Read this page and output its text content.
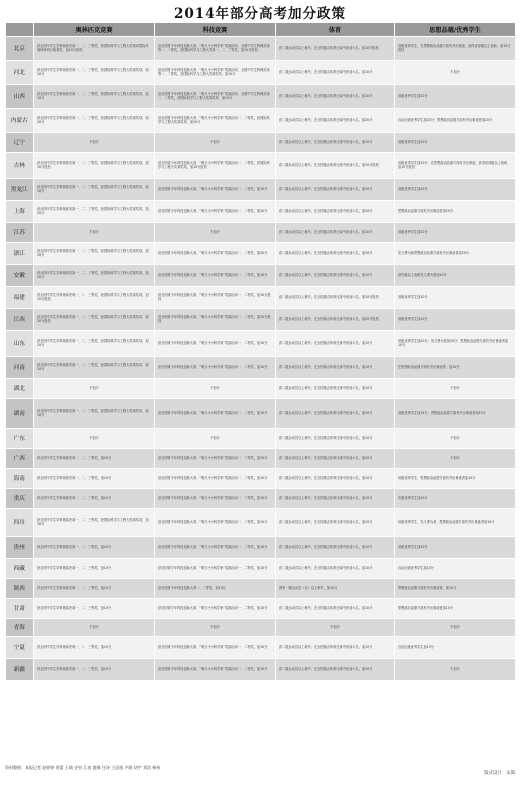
2014年部分高考加分政策
	奥林匹克竞赛	科技竞赛	体育	思想品德/优秀学生
北京	获全国中学生学科奥赛决赛一、二、三等奖，获国际科学与工程大奖赛或国际环境科研项目奥赛奖，加10分投档	获全国青少年科技创新大赛、“明天小小科学家”奖励活动、全国中学生物理竞赛等一、二等奖，获国际科学与工程大奖赛一、二、三等奖，加10分投档	获二级运动员以上称号，在全国重点体育比赛中获前六名，加10分投档	省级优秀学生，在思想政治品德方面有突出事迹，获得省部级以上表彰，加10分投档
河北	获全国中学生学科奥赛决赛一、二、三等奖，获国际科学与工程大奖赛奖项，加10分	获全国青少年科技创新大赛、“明天小小科学家”奖励活动、全国中学生物理竞赛等一、二等奖，获国际科学与工程大奖赛奖项，加10分	获二级运动员以上称号，在全国重点体育比赛中获前六名，加10分	不加分
山西	获全国中学生学科奥赛决赛一、二、三等奖，获国际科学与工程大奖赛奖项，加10分	获全国青少年科技创新大赛、“明天小小科学家”奖励活动、全国中学生物理竞赛一、二等奖，获国际科学与工程大奖赛奖项，加10分	获二级运动员以上称号，在全国重点体育比赛中获前六名，加10分	省级优秀学生加10分
内蒙古	获全国中学生学科奥赛决赛一、二、三等奖，获国际科学与工程大奖赛奖项，加20分	获全国青少年科技创新大赛、“明天小小科学家”奖励活动一、二等奖，获国际科学与工程大奖赛奖项，加20分	获二级运动员以上称号，在全国重点体育比赛中获前六名，加20分	自治区级优秀学生加20分；思想政治品德方面有突出事迹者加20分
辽宁	不加分	不加分	获二级运动员以上称号，在全国重点体育比赛中获前六名，加10分	省级优秀学生加10分
吉林	获全国中学生学科奥赛决赛一、二、三等奖，获国际科学与工程大奖赛奖项，加10分投档	获全国青少年科技创新大赛、“明天小小科学家”奖励活动一、二等奖，获国际科学与工程大奖赛奖项，加10分投档	获二级运动员以上称号，在全国重点体育比赛中获前六名，加10分投档	省级优秀学生加10分；在思想政治品德方面有突出事迹，获得省部级以上表彰，加10分投档
黑龙江	获全国中学生学科奥赛决赛一、二、三等奖，获国际科学与工程大奖赛奖项，加10分	获全国青少年科技创新大赛、“明天小小科学家”奖励活动一、二等奖，加10分	获二级运动员以上称号，在全国重点体育比赛中获前六名，加10分	省级优秀学生加10分
上海	获全国中学生学科奥赛决赛一、二、三等奖，获国际科学与工程大奖赛奖项，加20分	获全国青少年科技创新大赛、“明天小小科学家”奖励活动一、二等奖，加20分	获二级运动员以上称号，在全国重点体育比赛中获前六名，加20分	思想政治品德方面有突出事迹者加20分
江苏	不加分	不加分	获二级运动员以上称号，在全国重点体育比赛中获前六名，加10分	省级优秀学生加10分
浙江	获全国中学生学科奥赛决赛一、二、三等奖，获国际科学与工程大奖赛奖项，加20分	获全国青少年科技创新大赛、“明天小小科学家”奖励活动一、二等奖，加20分	获二级运动员以上称号，在全国重点体育比赛中获前六名，加20分	见义勇为和思想政治品德方面有突出事迹者加20分
安徽	获全国中学生学科奥赛决赛一、二、三等奖，获国际科学与工程大奖赛奖项，加10分	获全国青少年科技创新大赛、“明天小小科学家”奖励活动一、二等奖，加10分	获二级运动员以上称号，在全国重点体育比赛中获前六名，加10分	获市级以上表彰见义勇为者加10分
福建	获全国中学生学科奥赛决赛一、二、三等奖，获国际科学与工程大奖赛奖项，加10分投档	获全国青少年科技创新大赛、“明天小小科学家”奖励活动一、二等奖，加10分投档	获二级运动员以上称号，在全国重点体育比赛中获前六名，加10分投档	省级优秀学生加10分
江西	获全国中学生学科奥赛决赛一、二、三等奖，获国际科学与工程大奖赛奖项，加20分投档	获全国青少年科技创新大赛、“明天小小科学家”奖励活动一、二等奖，加20分投档	获二级运动员以上称号，在全国重点体育比赛中获前六名，加20分投档	省级优秀学生加10分
山东	获全国中学生学科奥赛决赛一、二、三等奖，获国际科学与工程大奖赛奖项，加10分	获全国青少年科技创新大赛、“明天小小科学家”奖励活动一、二等奖，加10分	获二级运动员以上称号，在全国重点体育比赛中获前六名，加10分	省级优秀学生加20分；见义勇为者加20分；思想政治品德方面有突出事迹者加10分
河南	获全国中学生学科奥赛决赛一、二、三等奖，获国际科学与工程大奖赛奖项，加10分	获全国青少年科技创新大赛、“明天小小科学家”奖励活动一、二等奖，加10分	获二级运动员以上称号，在全国重点体育比赛中获前六名，加10分	在思想政治品德方面有突出事迹者，加10分
湖北	不加分	不加分	获二级运动员以上称号，在全国重点体育比赛中获前六名，加10分	不加分
湖南	获全国中学生学科奥赛决赛一、二、三等奖，获国际科学与工程大奖赛奖项，加10分	获全国青少年科技创新大赛、“明天小小科学家”奖励活动一、二等奖，加10分	获二级运动员以上称号，在全国重点体育比赛中获前六名，加10分	省级优秀学生加15分；思想政治品德方面有突出事迹者加15分
广东	不加分	不加分	获二级运动员以上称号，在全国重点体育比赛中获前六名，加10分	不加分
广西	获全国中学生学科奥赛决赛一、二、三等奖，加20分	获全国青少年科技创新大赛、“明天小小科学家”奖励活动一、二等奖，加20分	获二级运动员以上称号，在全国重点体育比赛中获前六名，加20分	不加分
海南	获全国中学生学科奥赛决赛一、二、三等奖，加10分	获全国青少年科技创新大赛、“明天小小科学家”奖励活动一、二等奖，加10分	获二级运动员以上称号，在全国重点体育比赛中获前六名，加10分	省级优秀学生、思想政治品德方面有突出事迹者加10分
重庆	获全国中学生学科奥赛决赛一、二、三等奖，加10分	获全国青少年科技创新大赛、“明天小小科学家”奖励活动一、二等奖，加10分	获二级运动员以上称号，在全国重点体育比赛中获前六名，加10分	市级优秀学生加10分
四川	获全国中学生学科奥赛决赛一、二、三等奖，获国际科学与工程大奖赛奖项，加10分	获全国青少年科技创新大赛、“明天小小科学家”奖励活动一、二等奖，加10分	获二级运动员以上称号，在全国重点体育比赛中获前六名，加10分	省级优秀学生、见义勇为者、思想政治品德方面有突出事迹者加10分
贵州	获全国中学生学科奥赛决赛一、二、三等奖，加10分	获全国青少年科技创新大赛、“明天小小科学家”奖励活动一、二等奖，加10分	获二级运动员以上称号，在全国重点体育比赛中获前六名，加10分	省级优秀学生加10分
西藏	获全国中学生学科奥赛决赛一、二、三等奖，加10分	获全国青少年科技创新大赛、“明天小小科学家”奖励活动一、二等奖，加10分	获二级运动员以上称号，在全国重点体育比赛中获前六名，加10分	自治区级优秀学生加10分
陕西	获全国中学生学科奥赛决赛一、二、三等奖，加10分	获全国青少年科技创新大赛一、二等奖，加10分	国家一级运动员（含）以上称号，加10分	思想政治品德方面有突出事迹者，加10分
甘肃	获全国中学生学科奥赛决赛一、二、三等奖，加10分	获全国青少年科技创新大赛、“明天小小科学家”奖励活动一、二等奖，加10分	获二级运动员以上称号，在全国重点体育比赛中获前六名，加10分	思想政治品德方面有突出事迹者加10分
青海	不加分	不加分	不加分	不加分
宁夏	获全国中学生学科奥赛决赛一、二、三等奖，加10分	获全国青少年科技创新大赛、“明天小小科学家”奖励活动一、二等奖，加10分	获二级运动员以上称号，在全国重点体育比赛中获前六名，加10分	自治区级优秀学生加10分
新疆	获全国中学生学科奥赛决赛一、二、三等奖，加10分	获全国青少年科技创新大赛、“明天小小科学家”奖励活动一、二等奖，加10分	获二级运动员以上称号，在全国重点体育比赛中获前六名，加10分	不加分
资料整理：本报记者 赵婷婷 裴蕾 王婧 史钊 江南 鹿黎 任泽 王思逸 卢晓 胡宇 刘浩 杨伟
版式设计：宋嵩
